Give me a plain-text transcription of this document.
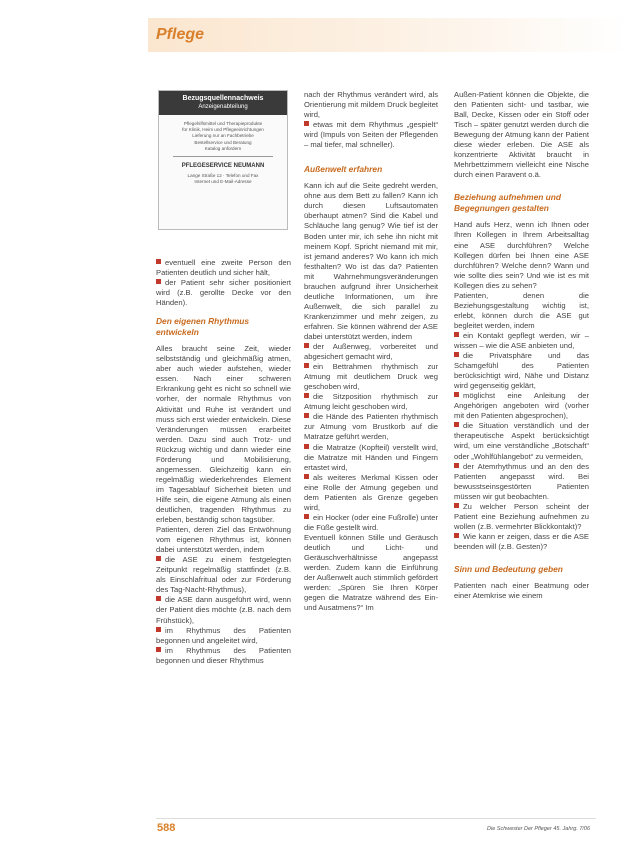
Pflege
Bezugsquellennachweis
Anzeigenabteilung
Pflegehilfsmittel und Therapieprodukte
für Klinik, Heim und Pflegeeinrichtungen
Lieferung nur an Fachbetriebe
Bestellservice und Beratung
Katalog anfordern
PFLEGESERVICE NEUMANN
Lange Straße 12 · Telefon und Fax
Internet und E-Mail-Adresse

eventuell eine zweite Person den Patienten deutlich und sicher hält,

der Patient sehr sicher positioniert wird (z.B. gerollte Decke vor den Händen).

Den eigenen Rhythmus entwickeln

Alles braucht seine Zeit, wieder selbstständig und gleichmäßig atmen, aber auch wieder aufstehen, wieder essen. Nach einer schweren Erkrankung geht es nicht so schnell wie vorher, der normale Rhythmus von Aktivität und Ruhe ist verändert und muss sich erst wieder entwickeln. Diese Veränderungen müssen erarbeitet werden. Dazu sind auch Trotz- und Rückzug wichtig und dann wieder eine Förderung und Mobilisierung, angemessen. Gleichzeitig kann ein regelmäßig wiederkehrendes Element im Tagesablauf Sicherheit bieten und Hilfe sein, die eigene Atmung als einen deutlichen, tragenden Rhythmus zu erleben, beständig schon tagsüber.

Patienten, deren Ziel das Entwöhnung vom eigenen Rhythmus ist, können dabei unterstützt werden, indem

die ASE zu einem festgelegten Zeitpunkt regelmäßig stattfindet (z.B. als Einschlafritual oder zur Förderung des Tag-Nacht-Rhythmus),

die ASE dann ausgeführt wird, wenn der Patient dies möchte (z.B. nach dem Frühstück),

im Rhythmus des Patienten begonnen und angeleitet wird,

im Rhythmus des Patienten begonnen und dieser Rhythmus

nach der Rhythmus verändert wird, als Orientierung mit mildem Druck begleitet wird,

etwas mit dem Rhythmus „gespielt“ wird (Impuls von Seiten der Pflegenden – mal tiefer, mal schneller).

Außenwelt erfahren

Kann ich auf die Seite gedreht werden, ohne aus dem Bett zu fallen? Kann ich durch diesen Luftsautomaten überhaupt atmen? Sind die Kabel und Schläuche lang genug? Wie tief ist der Boden unter mir, ich sehe ihn nicht mit meinem Kopf. Spricht niemand mit mir, ist jemand anderes? Wo kann ich mich festhalten? Wo ist das da? Patienten mit Wahrnehmungsveränderungen brauchen aufgrund ihrer Unsicherheit deutliche Informationen, um ihre Außenwelt, die sich parallel zu Krankenzimmer und mehr zeigen, zu erfahren. Sie können während der ASE dabei unterstützt werden, indem

der Außenweg, vorbereitet und abgesichert gemacht wird,

ein Bettrahmen rhythmisch zur Atmung mit deutlichem Druck weg geschoben wird,

die Sitzposition rhythmisch zur Atmung leicht geschoben wird,

die Hände des Patienten rhythmisch zur Atmung vom Brustkorb auf die Matratze geführt werden,

die Matratze (Kopfteil) verstellt wird, die Matratze mit Händen und Fingern ertastet wird,

als weiteres Merkmal Kissen oder eine Rolle der Atmung gegeben und dem Patienten als Grenze gegeben wird,

ein Hocker (oder eine Fußrolle) unter die Füße gestellt wird.

Eventuell können Stille und Geräusch deutlich und Licht- und Geräuschverhältnisse angepasst werden. Zudem kann die Einführung der Außenwelt auch stimmlich gefördert werden: „Spüren Sie Ihren Körper gegen die Matratze während des Ein- und Ausatmens?“ Im

Außen-Patient können die Objekte, die den Patienten sicht- und tastbar, wie Ball, Decke, Kissen oder ein Stoff oder Tisch – später genutzt werden durch die Bewegung der Atmung kann der Patient diese wieder erleben. Die ASE als konzentrierte Aktivität braucht in Mehrbettzimmern vielleicht eine Nische durch einen Paravent o.ä.

Beziehung aufnehmen und Begegnungen gestalten

Hand aufs Herz, wenn ich Ihnen oder Ihren Kollegen in Ihrem Arbeitsalltag eine ASE durchführen? Welche Kollegen dürfen bei Ihnen eine ASE durchführen? Welche denn? Wann und wie sollte dies sein? Und wie ist es mit Kollegen dies zu sehen?

Patienten, denen die Beziehungsgestaltung wichtig ist, erlebt, können durch die ASE gut begleitet werden, indem

ein Kontakt gepflegt werden, wir – wissen – wie die ASE anbieten und,

die Privatsphäre und das Schamgefühl des Patienten berücksichtigt wird, Nähe und Distanz wird gegenseitig geklärt,

möglichst eine Anleitung der Angehörigen angeboten wird (vorher mit den Patienten abgesprochen),

die Situation verständlich und der therapeutische Aspekt berücksichtigt wird, um eine verständliche „Botschaft“ oder „Wohlfühlangebot“ zu vermeiden,

der Atemrhythmus und an den des Patienten angepasst wird. Bei bewusstseinsgestörten Patienten müssen wir gut beobachten.

Zu welcher Person scheint der Patient eine Beziehung aufnehmen zu wollen (z.B. vermehrter Blickkontakt)?

Wie kann er zeigen, dass er die ASE beenden will (z.B. Gesten)?

Sinn und Bedeutung geben

Patienten nach einer Beatmung oder einer Atemkrise wie einem

588	Die Schwester Der Pfleger 45. Jahrg. 7/06
